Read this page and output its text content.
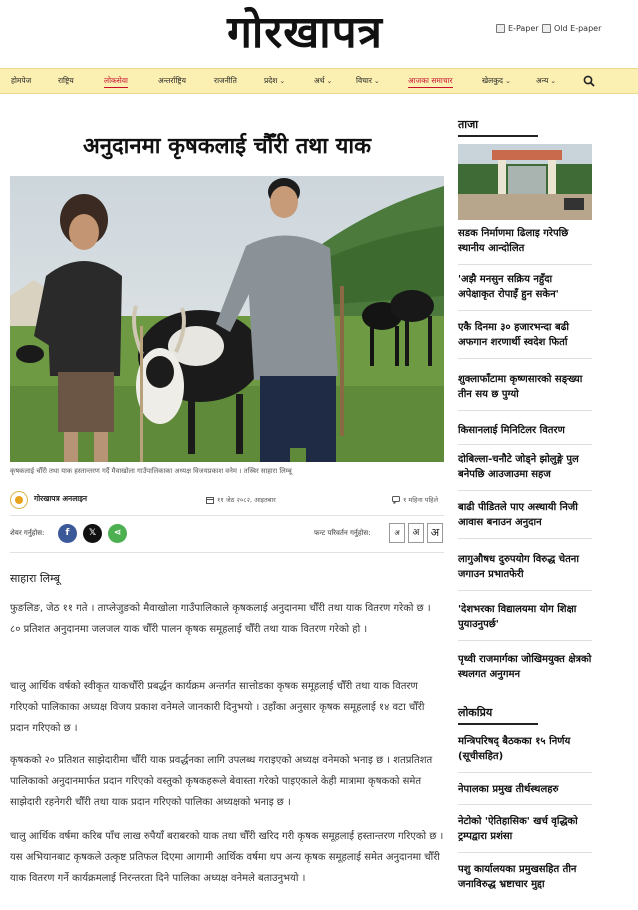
गोरखापत्र	E-Paper Old E-paper
होमपेज	राष्ट्रिय	लोकसेवा	अन्तर्राष्ट्रिय	राजनीति	प्रदेश ⌄	अर्थ ⌄	विचार ⌄	आजका समाचार	खेलकुद ⌄	अन्य ⌄
अनुदानमा कृषकलाई चौँरी तथा याक
कृषकलाई चौँरी तथा याक हस्तान्तरण गर्दै मैवाखोला गाउँपालिकाका अध्यक्ष विजयप्रकाश वनेम । तस्बिर साहारा लिम्बू
गोरखापत्र अनलाइन	११ जेठ २०८२, आइतबार	१ महिना पहिले
शेयर गर्नुहोस:	f	𝕏	⋖	फन्ट परिवर्तन गर्नुहोस:	अ	अ	अ
साहारा लिम्बू

फुङलिङ, जेठ ११ गते । ताप्लेजुङको मैवाखोला गाउँपालिकाले कृषकलाई अनुदानमा चौँरी तथा याक वितरण गरेको छ । ८० प्रतिशत अनुदानमा जलजल याक चौँरी पालन कृषक समूहलाई चौँरी तथा याक वितरण गरेको हो ।

चालु आर्थिक वर्षको स्वीकृत याकचौँरी प्रबर्द्धन कार्यक्रम अन्तर्गत सात्तोडका कृषक समूहलाई चौँरी तथा याक वितरण गरिएको पालिकाका अध्यक्ष विजय प्रकाश वनेमले जानकारी दिनुभयो । उहाँका अनुसार कृषक समूहलाई १४ वटा चौँरी प्रदान गरिएको छ ।

कृषकको २० प्रतिशत साझेदारीमा चौँरी याक प्रवर्द्धनका लागि उपलब्ध गराइएको अध्यक्ष वनेमको भनाइ छ । शतप्रतिशत पालिकाको अनुदानमार्फत प्रदान गरिएको वस्तुको कृषकहरूले बेवास्ता गरेको पाइएकाले केही मात्रामा कृषकको समेत साझेदारी रहनेगरी चौँरी तथा याक प्रदान गरिएको पालिका अध्यक्षको भनाइ छ ।

चालु आर्थिक वर्षमा करिब पाँच लाख रुपैयाँ बराबरको याक तथा चौँरी खरिद गरी कृषक समूहलाई हस्तान्तरण गरिएको छ । यस अभियानबाट कृषकले उत्कृष्ट प्रतिफल दिएमा आगामी आर्थिक वर्षमा थप अन्य कृषक समूहलाई समेत अनुदानमा चौँरी याक वितरण गर्ने कार्यक्रमलाई निरन्तरता दिने पालिका अध्यक्ष वनेमले बताउनुभयो ।

ताजा
सडक निर्माणमा ढिलाइ गरेपछि स्थानीय आन्दोलित
'अझै मनसुन सक्रिय नहुँदा अपेक्षाकृत रोपाइँ हुन सकेन'
एकै दिनमा ३० हजारभन्दा बढी अफगान शरणार्थी स्वदेश फिर्ता
शुक्लाफाँटामा कृष्णसारको सङ्ख्या तीन सय छ पुग्यो
किसानलाई मिनिटिलर वितरण
दोबिल्ला-चनौटे जोड्ने झोलुङ्गे पुल बनेपछि आउजाउमा सहज
बाढी पीडितले पाए अस्थायी निजी आवास बनाउन अनुदान
लागुऔषध दुरुपयोग विरुद्ध चेतना जगाउन प्रभातफेरी
'देशभरका विद्यालयमा योग शिक्षा पुयाउनुपर्छ'
पृथ्वी राजमार्गका जोखिमयुक्त क्षेत्रको स्थलगत अनुगमन
लोकप्रिय
मन्त्रिपरिषद् बैठकका १५ निर्णय (सूचीसहित)
नेपालका प्रमुख तीर्थस्थलहरु
नेटोको 'ऐतिहासिक' खर्च वृद्धिको ट्रम्पद्वारा प्रशंसा
पशु कार्यालयका प्रमुखसहित तीन जनाविरुद्ध भ्रष्टाचार मुद्दा
